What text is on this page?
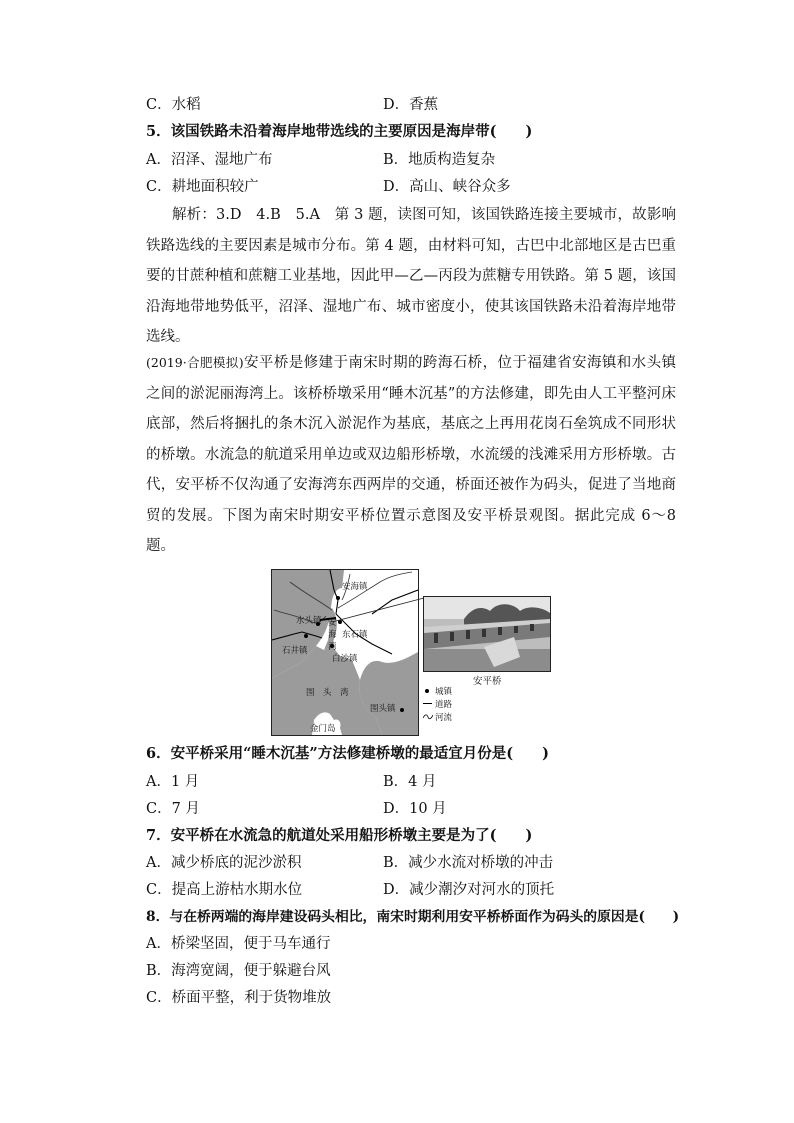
C．水稻	D．香蕉
5．该国铁路未沿着海岸地带选线的主要原因是海岸带(　　)
A．沼泽、湿地广布	B．地质构造复杂
C．耕地面积较广	D．高山、峡谷众多
解析：3.D　4.B　5.A　第 3 题，读图可知，该国铁路连接主要城市，故影响铁路选线的主要因素是城市分布。第 4 题，由材料可知，古巴中北部地区是古巴重要的甘蔗种植和蔗糖工业基地，因此甲—乙—丙段为蔗糖专用铁路。第 5 题，该国沿海地带地势低平，沼泽、湿地广布、城市密度小，使其该国铁路未沿着海岸地带选线。
(2019·合肥模拟)安平桥是修建于南宋时期的跨海石桥，位于福建省安海镇和水头镇之间的淤泥丽海湾上。该桥桥墩采用“睡木沉基”的方法修建，即先由人工平整河床底部，然后将捆扎的条木沉入淤泥作为基底，基底之上再用花岗石垒筑成不同形状的桥墩。水流急的航道采用单边或双边船形桥墩，水流缓的浅滩采用方形桥墩。古代，安平桥不仅沟通了安海湾东西两岸的交通，桥面还被作为码头，促进了当地商贸的发展。下图为南宋时期安平桥位置示意图及安平桥景观图。据此完成 6～8 题。
安海镇
水头镇 安
海
湾
东石镇
石井镇
白沙镇
围　头　湾
围头镇
金门岛
安平桥
城镇
道路
河流
6．安平桥采用“睡木沉基”方法修建桥墩的最适宜月份是(　　)
A．1 月	B．4 月
C．7 月	D．10 月
7．安平桥在水流急的航道处采用船形桥墩主要是为了(　　)
A．减少桥底的泥沙淤积	B．减少水流对桥墩的冲击
C．提高上游枯水期水位	D．减少潮汐对河水的顶托
8．与在桥两端的海岸建设码头相比，南宋时期利用安平桥桥面作为码头的原因是(　　)
A．桥梁坚固，便于马车通行
B．海湾宽阔，便于躲避台风
C．桥面平整，利于货物堆放
